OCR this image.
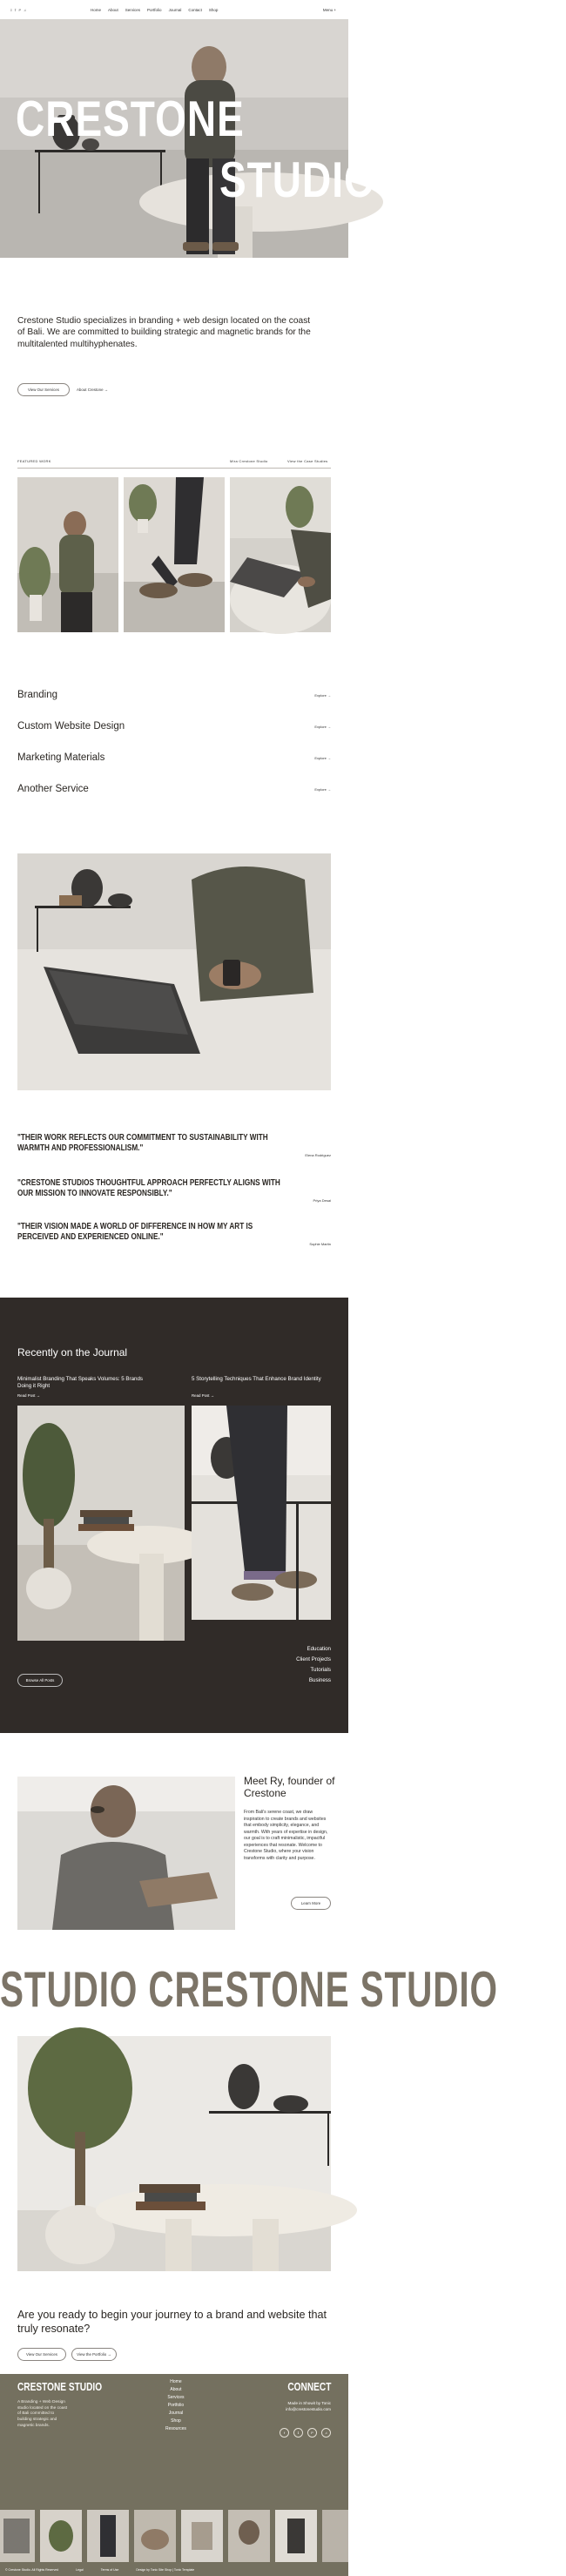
𝕀 𝕗 P ♫	Home About Services Portfolio Journal Contact Shop	Menu +
CRESTONE
STUDIO

Crestone Studio specializes in branding + web design located on the coast of Bali. We are committed to building strategic and magnetic brands for the multitalented multihyphenates.

View Our Services	About Crestone →
FEATURED WORK	Mira Crestone Studio	View the Case Studies
Branding	Explore →
Custom Website Design	Explore →
Marketing Materials	Explore →
Another Service	Explore →
"THEIR WORK REFLECTS OUR COMMITMENT TO SUSTAINABILITY WITH WARMTH AND PROFESSIONALISM."
Elena Rodriguez
"CRESTONE STUDIOS THOUGHTFUL APPROACH PERFECTLY ALIGNS WITH OUR MISSION TO INNOVATE RESPONSIBLY."
Priya Desai
"THEIR VISION MADE A WORLD OF DIFFERENCE IN HOW MY ART IS PERCEIVED AND EXPERIENCED ONLINE."
Sophie Martin
Recently on the Journal
Minimalist Branding That Speaks Volumes: 5 Brands Doing it Right
Read Post →
5 Storytelling Techniques That Enhance Brand Identity
Read Post →
Education
Client Projects
Tutorials
Business
Browse All Posts
Meet Ry, founder of Crestone

From Bali's serene coast, we draw inspiration to create brands and websites that embody simplicity, elegance, and warmth. With years of expertise in design, our goal is to craft minimalistic, impactful experiences that resonate. Welcome to Crestone Studio, where your vision transforms with clarity and purpose.

Learn More
STUDIO CRESTONE STUDIO

Are you ready to begin your journey to a brand and website that truly resonate?

View Our Services	View the Portfolio →
CRESTONE STUDIO

A Branding + Web Design studio located on the coast of Bali committed to building strategic and magnetic brands.

Home
About
Services
Portfolio
Journal
Shop
Resources
CONNECT
Made in Showit by Tonic
info@crestonestudio.com
f	𝕀	P	♫
© Crestone Studio. All Rights Reserved	Legal	Terms of Use	Design by Tonic Site Shop | Tonic Template
